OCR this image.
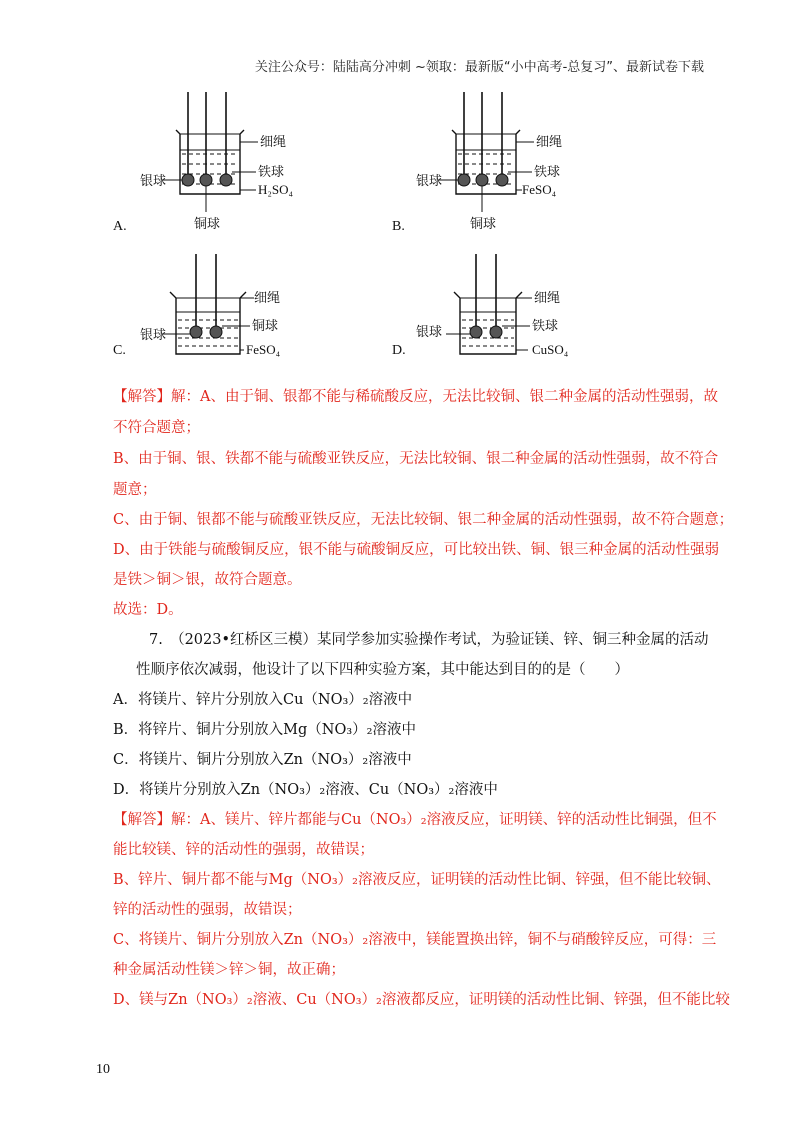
关注公众号：陆陆高分冲刺 ~领取：最新版“小中高考-总复习”、最新试卷下载
银球
细绳
铁球
H₂SO₄
铜球
A.
银球
细绳
铁球
FeSO₄
铜球
B.
银球
细绳
铜球
FeSO₄
C.
银球
细绳
铁球
CuSO₄
D.
【解答】解：A、由于铜、银都不能与稀硫酸反应，无法比较铜、银二种金属的活动性强弱，故
不符合题意；
B、由于铜、银、铁都不能与硫酸亚铁反应，无法比较铜、银二种金属的活动性强弱，故不符合
题意；
C、由于铜、银都不能与硫酸亚铁反应，无法比较铜、银二种金属的活动性强弱，故不符合题意；
D、由于铁能与硫酸铜反应，银不能与硫酸铜反应，可比较出铁、铜、银三种金属的活动性强弱
是铁＞铜＞银，故符合题意。
故选：D。
7.　（2023•红桥区三模）某同学参加实验操作考试，为验证镁、锌、铜三种金属的活动
性顺序依次减弱，他设计了以下四种实验方案，其中能达到目的的是（　　）
A．将镁片、锌片分别放入Cu（NO₃）₂溶液中
B．将锌片、铜片分别放入Mg（NO₃）₂溶液中
C．将镁片、铜片分别放入Zn（NO₃）₂溶液中
D．将镁片分别放入Zn（NO₃）₂溶液、Cu（NO₃）₂溶液中
【解答】解：A、镁片、锌片都能与Cu（NO₃）₂溶液反应，证明镁、锌的活动性比铜强，但不
能比较镁、锌的活动性的强弱，故错误；
B、锌片、铜片都不能与Mg（NO₃）₂溶液反应，证明镁的活动性比铜、锌强，但不能比较铜、
锌的活动性的强弱，故错误；
C、将镁片、铜片分别放入Zn（NO₃）₂溶液中，镁能置换出锌，铜不与硝酸锌反应，可得：三
种金属活动性镁＞锌＞铜，故正确；
D、镁与Zn（NO₃）₂溶液、Cu（NO₃）₂溶液都反应，证明镁的活动性比铜、锌强，但不能比较
10
